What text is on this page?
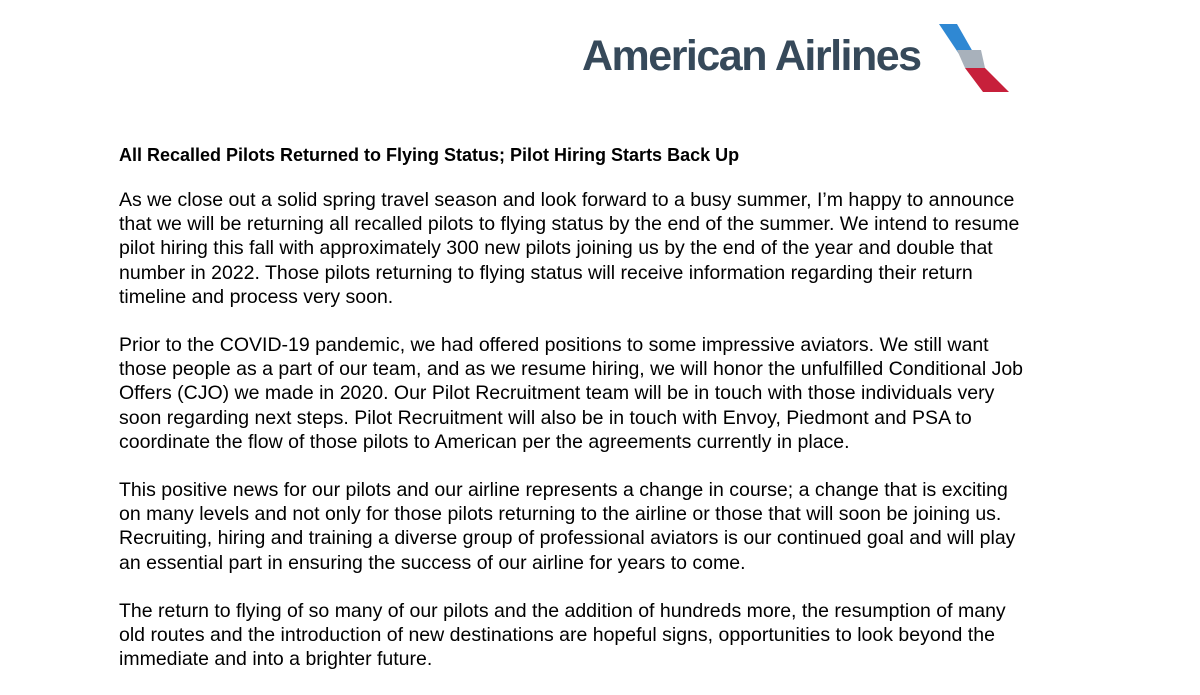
American Airlines
All Recalled Pilots Returned to Flying Status; Pilot Hiring Starts Back Up

As we close out a solid spring travel season and look forward to a busy summer, I’m happy to announce
that we will be returning all recalled pilots to flying status by the end of the summer. We intend to resume
pilot hiring this fall with approximately 300 new pilots joining us by the end of the year and double that
number in 2022. Those pilots returning to flying status will receive information regarding their return
timeline and process very soon.

Prior to the COVID-19 pandemic, we had offered positions to some impressive aviators. We still want
those people as a part of our team, and as we resume hiring, we will honor the unfulfilled Conditional Job
Offers (CJO) we made in 2020. Our Pilot Recruitment team will be in touch with those individuals very
soon regarding next steps. Pilot Recruitment will also be in touch with Envoy, Piedmont and PSA to
coordinate the flow of those pilots to American per the agreements currently in place.

This positive news for our pilots and our airline represents a change in course; a change that is exciting
on many levels and not only for those pilots returning to the airline or those that will soon be joining us.
Recruiting, hiring and training a diverse group of professional aviators is our continued goal and will play
an essential part in ensuring the success of our airline for years to come.

The return to flying of so many of our pilots and the addition of hundreds more, the resumption of many
old routes and the introduction of new destinations are hopeful signs, opportunities to look beyond the
immediate and into a brighter future.
